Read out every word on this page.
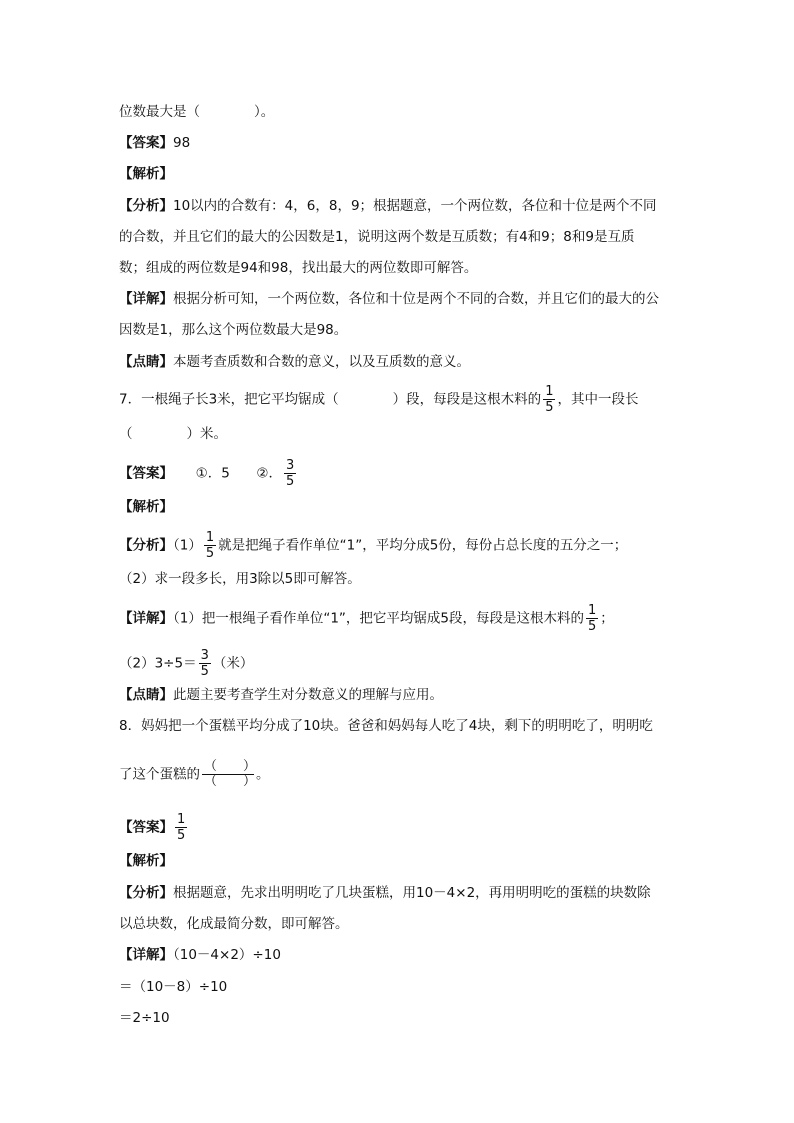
位数最大是（　　　　）。
【答案】98
【解析】
【分析】10以内的合数有：4，6，8，9；根据题意，一个两位数，各位和十位是两个不同
的合数，并且它们的最大的公因数是1，说明这两个数是互质数；有4和9；8和9是互质
数；组成的两位数是94和98，找出最大的两位数即可解答。
【详解】根据分析可知，一个两位数，各位和十位是两个不同的合数，并且它们的最大的公
因数是1，那么这个两位数最大是98。
【点睛】本题考查质数和合数的意义，以及互质数的意义。
7．一根绳子长3米，把它平均锯成（　　　　）段，每段是这根木料的 $\frac{1}{5}$ ，其中一段长
（　　　　）米。
【答案】 ①．5 ②． $\frac{3}{5}$
【解析】
【分析】$(1) \frac{1}{5}$ 就是把绳子看作单位“1”，平均分成5份，每份占总长度的五分之一；
（2）求一段多长，用3除以5即可解答。
【详解】（1）把一根绳子看作单位“1”，把它平均锯成5段，每段是这根木料的 $\frac{1}{5}$ ；
$(2)3\div 5= \frac{3}{5}$ （米）
【点睛】此题主要考查学生对分数意义的理解与应用。
8．妈妈把一个蛋糕平均分成了10块。爸爸和妈妈每人吃了4块，剩下的明明吃了，明明吃
了这个蛋糕的 $\frac{( )}{( )}$ 。
【答案】 $\frac{1}{5}$
【解析】
【分析】根据题意，先求出明明吃了几块蛋糕，用10－4×2，再用明明吃的蛋糕的块数除
以总块数，化成最简分数，即可解答。
【详解】（10－4×2）÷10
＝（10－8）÷10
＝2÷10
